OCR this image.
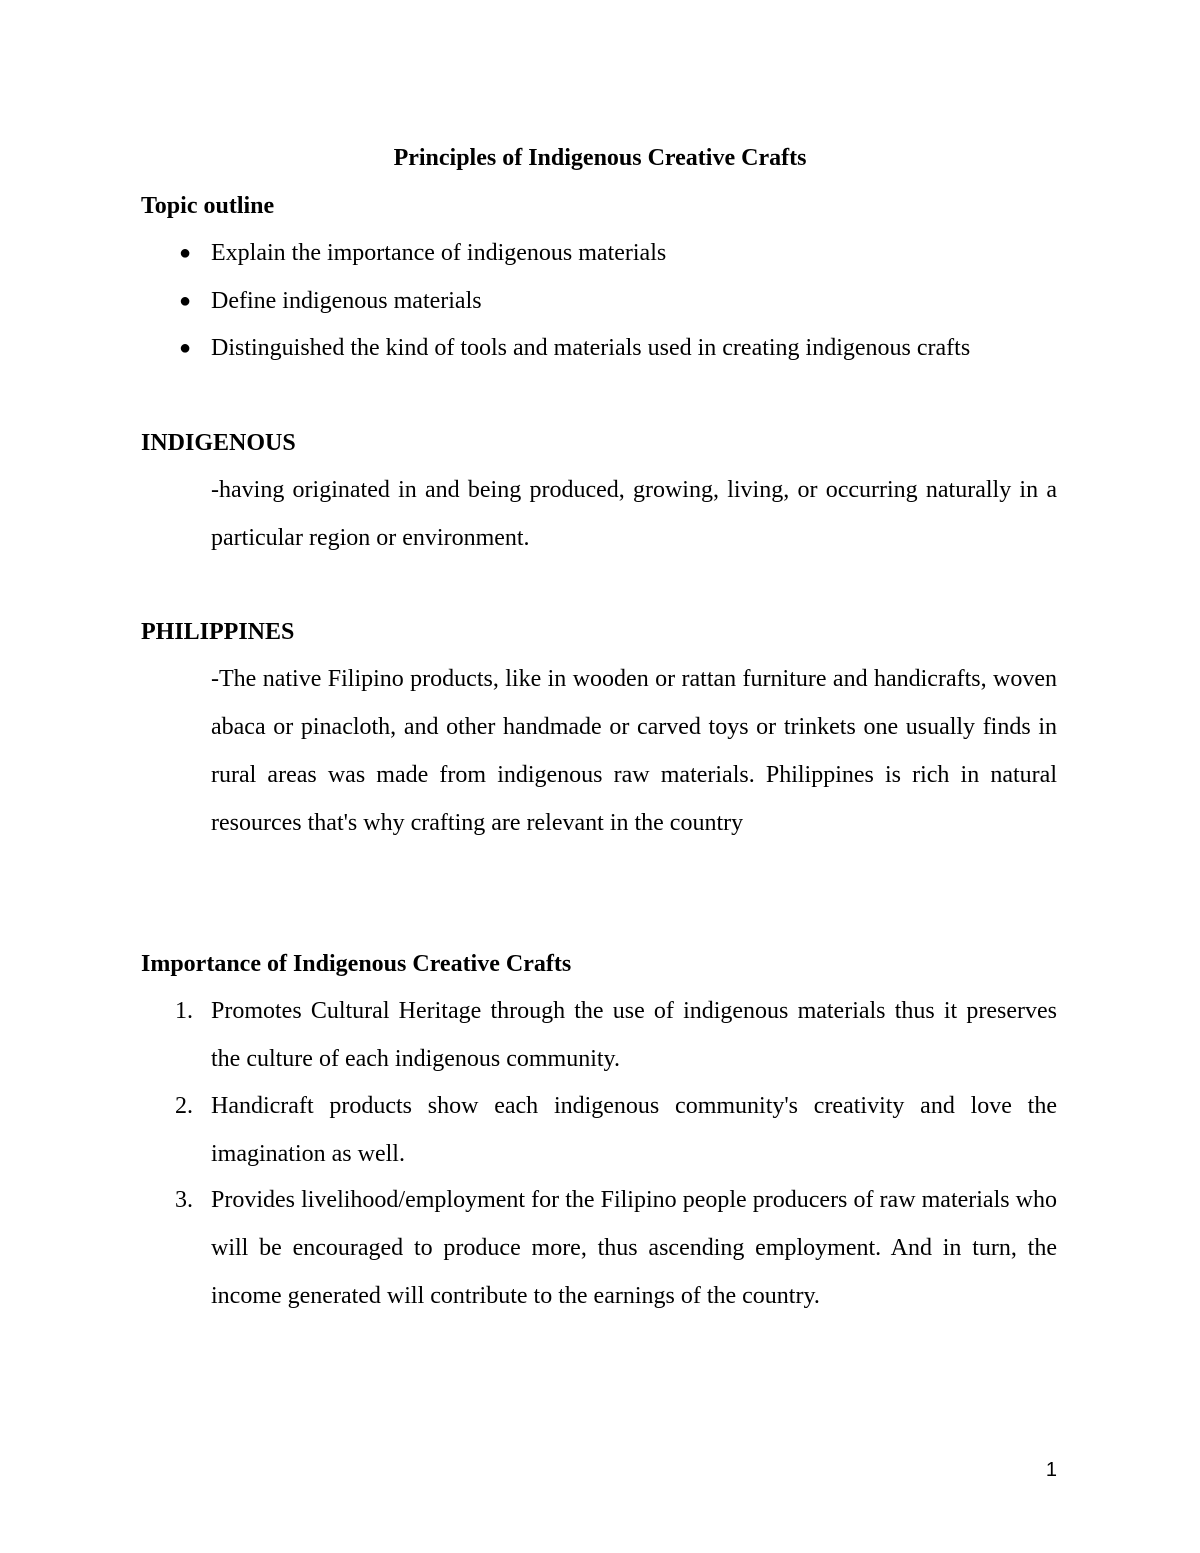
Principles of Indigenous Creative Crafts
Topic outline
● Explain the importance of indigenous materials
● Define indigenous materials
● Distinguished the kind of tools and materials used in creating indigenous crafts
INDIGENOUS
-having originated in and being produced, growing, living, or occurring naturally in a particular region or environment.
PHILIPPINES
-The native Filipino products, like in wooden or rattan furniture and handicrafts, woven abaca or pinacloth, and other handmade or carved toys or trinkets one usually finds in rural areas was made from indigenous raw materials. Philippines is rich in natural resources that's why crafting are relevant in the country
Importance of Indigenous Creative Crafts
1. Promotes Cultural Heritage through the use of indigenous materials thus it preserves the culture of each indigenous community.
2. Handicraft products show each indigenous community's creativity and love the imagination as well.
3. Provides livelihood/employment for the Filipino people producers of raw materials who will be encouraged to produce more, thus ascending employment. And in turn, the income generated will contribute to the earnings of the country.
1
